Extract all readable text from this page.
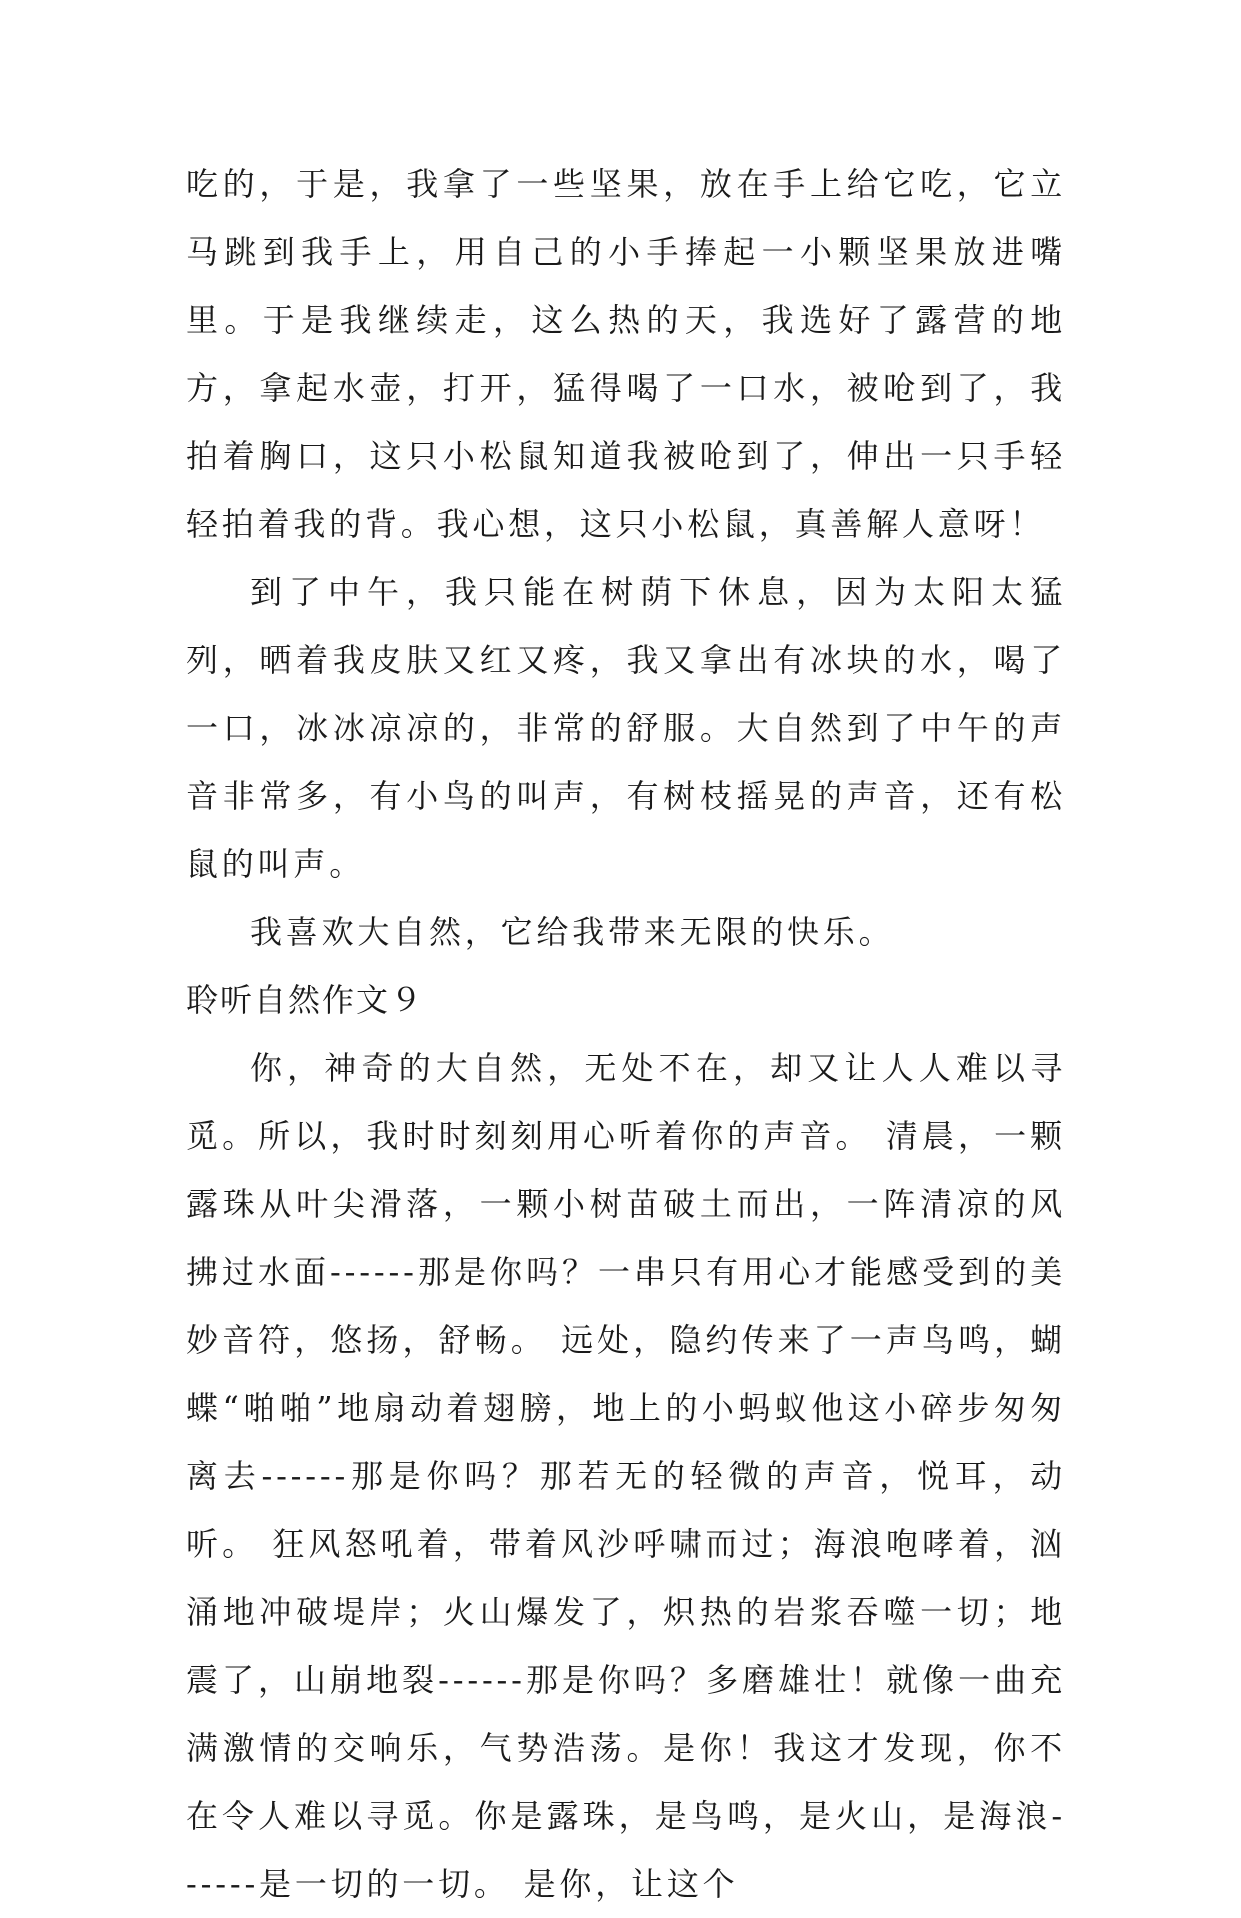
吃的，于是，我拿了一些坚果，放在手上给它吃，它立马跳到我手上，用自己的小手捧起一小颗坚果放进嘴里。于是我继续走，这么热的天，我选好了露营的地方，拿起水壶，打开，猛得喝了一口水，被呛到了，我拍着胸口，这只小松鼠知道我被呛到了，伸出一只手轻轻拍着我的背。我心想，这只小松鼠，真善解人意呀！

到了中午，我只能在树荫下休息，因为太阳太猛列，晒着我皮肤又红又疼，我又拿出有冰块的水，喝了一口，冰冰凉凉的，非常的舒服。大自然到了中午的声音非常多，有小鸟的叫声，有树枝摇晃的声音，还有松鼠的叫声。

我喜欢大自然，它给我带来无限的快乐。

聆听自然作文９

你，神奇的大自然，无处不在，却又让人人难以寻觅。所以，我时时刻刻用心听着你的声音。 清晨，一颗露珠从叶尖滑落，一颗小树苗破土而出，一阵清凉的风拂过水面------那是你吗？一串只有用心才能感受到的美妙音符，悠扬，舒畅。 远处，隐约传来了一声鸟鸣，蝴蝶“啪啪”地扇动着翅膀，地上的小蚂蚁他这小碎步匆匆离去------那是你吗？那若无的轻微的声音，悦耳，动听。 狂风怒吼着，带着风沙呼啸而过；海浪咆哮着，汹涌地冲破堤岸；火山爆发了，炽热的岩浆吞噬一切；地震了，山崩地裂------那是你吗？多磨雄壮！就像一曲充满激情的交响乐，气势浩荡。是你！我这才发现，你不在令人难以寻觅。你是露珠，是鸟鸣，是火山，是海浪------是一切的一切。 是你，让这个
